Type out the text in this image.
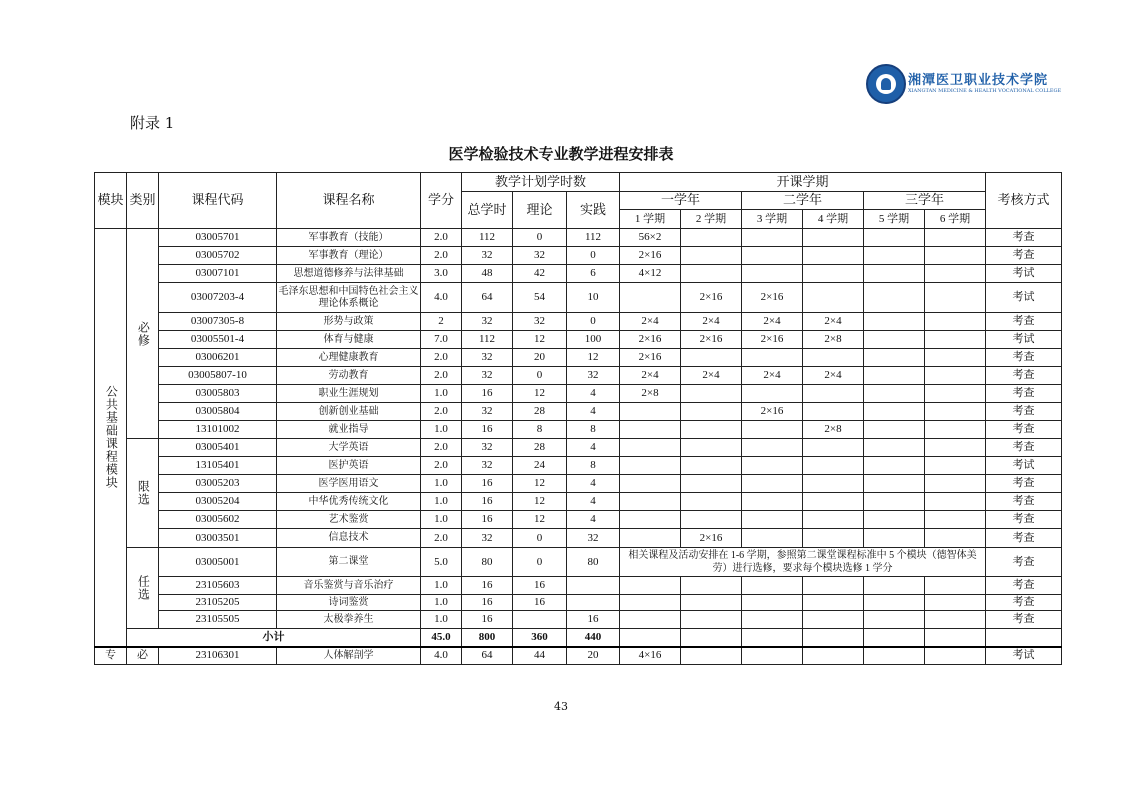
湘潭医卫职业技术学院
XIANGTAN MEDICINE & HEALTH VOCATIONAL COLLEGE
附录 1
医学检验技术专业教学进程安排表
模块	类别	课程代码	课程名称	学分	教学计划学时数			开课学期						考核方式
					总学时	理论	实践	一学年		二学年		三学年		
								1 学期	2 学期	3 学期	4 学期	5 学期	6 学期	
公共基础课程模块	必修	03005701	军事教育（技能）	2.0	112	0	112	56×2						考查
		03005702	军事教育（理论）	2.0	32	32	0	2×16						考查
		03007101	思想道德修养与法律基础	3.0	48	42	6	4×12						考试
		03007203-4	毛泽东思想和中国特色社会主义理论体系概论	4.0	64	54	10		2×16	2×16				考试
		03007305-8	形势与政策	2	32	32	0	2×4	2×4	2×4	2×4			考查
		03005501-4	体育与健康	7.0	112	12	100	2×16	2×16	2×16	2×8			考试
		03006201	心理健康教育	2.0	32	20	12	2×16						考查
		03005807-10	劳动教育	2.0	32	0	32	2×4	2×4	2×4	2×4			考查
		03005803	职业生涯规划	1.0	16	12	4	2×8						考查
		03005804	创新创业基础	2.0	32	28	4			2×16				考查
		13101002	就业指导	1.0	16	8	8				2×8			考查
	限选	03005401	大学英语	2.0	32	28	4							考查
		13105401	医护英语	2.0	32	24	8							考试
		03005203	医学医用语文	1.0	16	12	4							考查
		03005204	中华优秀传统文化	1.0	16	12	4							考查
		03005602	艺术鉴赏	1.0	16	12	4							考查
		03003501	信息技术	2.0	32	0	32		2×16					考查
	任选	03005001	第二课堂	5.0	80	0	80	相关课程及活动安排在 1-6 学期，参照第二课堂课程标准中 5 个模块（德智体美劳）进行选修，要求每个模块选修 1 学分						考查
		23105603	音乐鉴赏与音乐治疗	1.0	16	16								考查
		23105205	诗词鉴赏	1.0	16	16								考查
		23105505	太极拳养生	1.0	16		16							考查
	小计			45.0	800	360	440							
专	必	23106301	人体解剖学	4.0	64	44	20	4×16						考试
43
